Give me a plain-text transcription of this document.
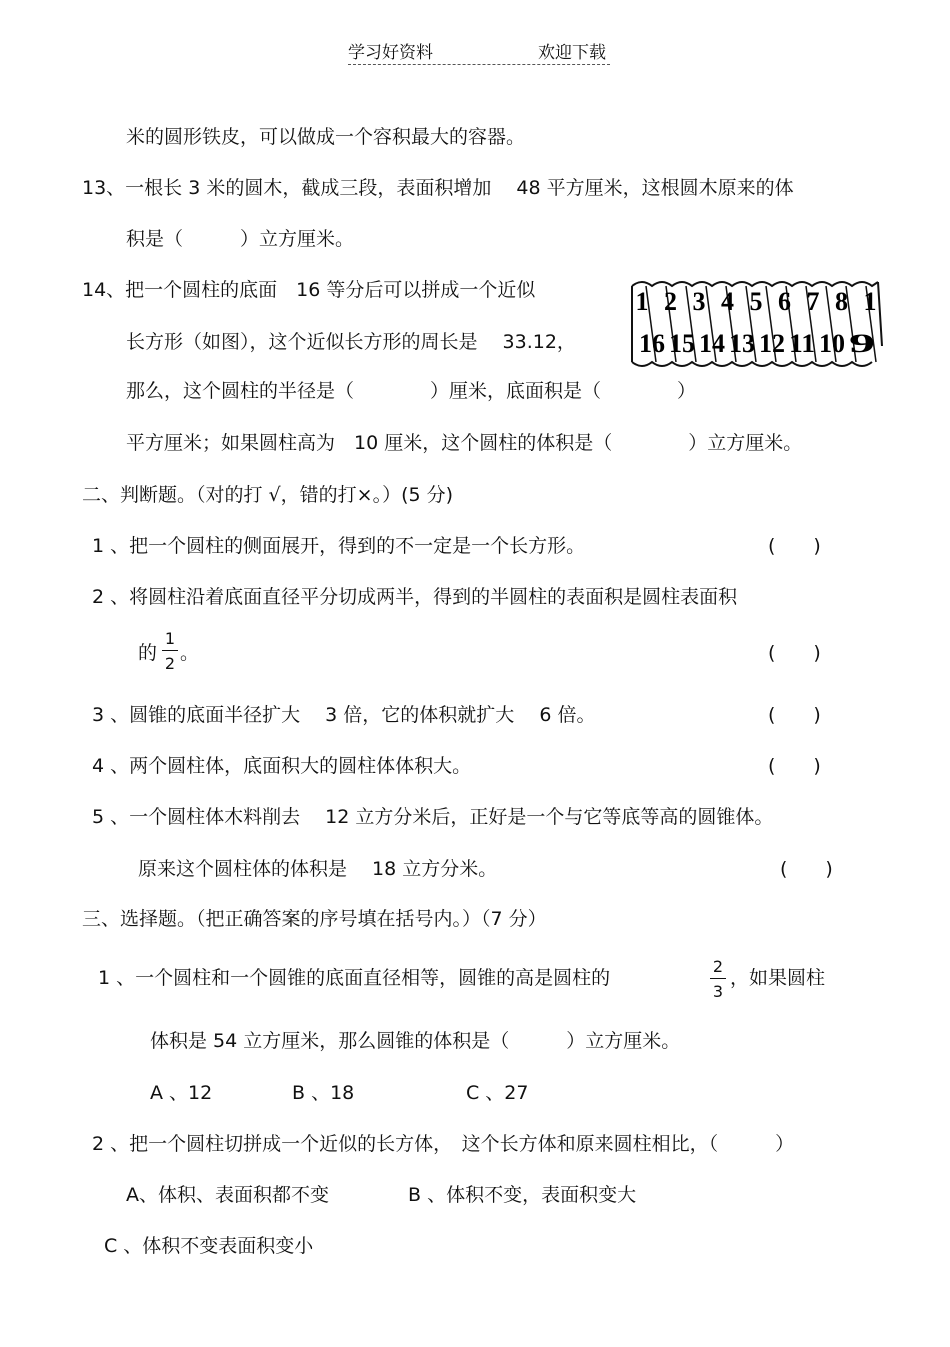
学习好资料	欢迎下载
米的圆形铁皮，可以做成一个容积最大的容器。
13、一根长 3 米的圆木，截成三段，表面积增加　 48 平方厘米，这根圆木原来的体
积是（　　　）立方厘米。
14、把一个圆柱的底面　16 等分后可以拼成一个近似
长方形（如图），这个近似长方形的周长是　 33.12，
那么，这个圆柱的半径是（　　　　）厘米，底面积是（　　　　）
平方厘米；如果圆柱高为　10 厘米，这个圆柱的体积是（　　　　）立方厘米。
1 2 3 4 5 6 7 8 1
16 15 14 13 12 11 10 9
二、判断题。（对的打 √，错的打×。）(5 分)
1 、把一个圆柱的侧面展开，得到的不一定是一个长方形。	(　　)
2 、将圆柱沿着底面直径平分切成两半，得到的半圆柱的表面积是圆柱表面积
的
1
2 。	(　　)
3 、圆锥的底面半径扩大　 3 倍，它的体积就扩大　 6 倍。	(　　)
4 、两个圆柱体，底面积大的圆柱体体积大。	(　　)
5 、一个圆柱体木料削去　 12 立方分米后，正好是一个与它等底等高的圆锥体。
原来这个圆柱体的体积是　 18 立方分米。	(　　)
三、选择题。（把正确答案的序号填在括号内。）（7 分）
1 、一个圆柱和一个圆锥的底面直径相等，圆锥的高是圆柱的
2
3
，如果圆柱
体积是 54 立方厘米，那么圆锥的体积是（　　　）立方厘米。
A 、12	B 、18	C 、27
2 、把一个圆柱切拼成一个近似的长方体，　这个长方体和原来圆柱相比，（　　　）
A、体积、表面积都不变	B 、体积不变，表面积变大
C 、体积不变表面积变小
